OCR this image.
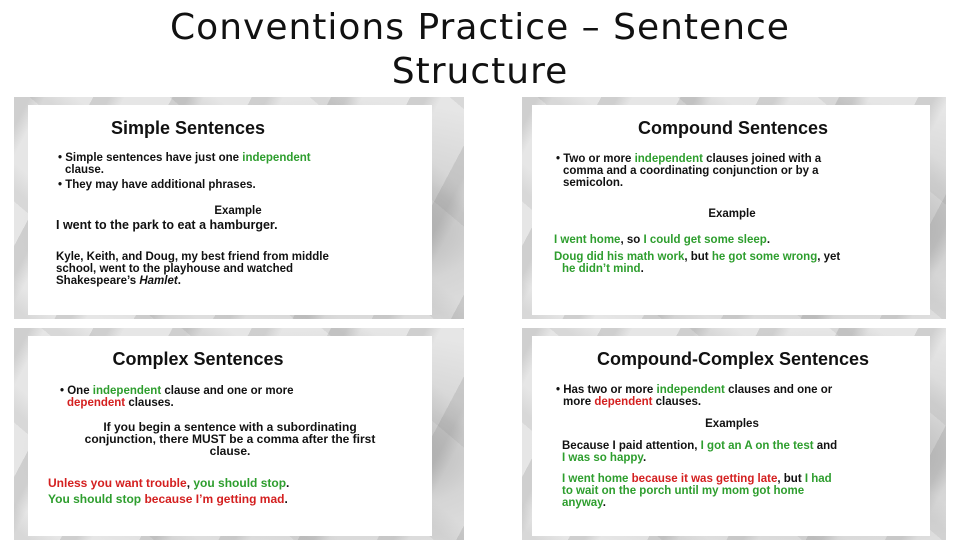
Conventions Practice – Sentence
Structure
Simple Sentences

• Simple sentences have just one independent
clause.

• They may have additional phrases.

Example

I went to the park to eat a hamburger.

Kyle, Keith, and Doug, my best friend from middle
school, went to the playhouse and watched
Shakespeare’s Hamlet.

Compound Sentences

• Two or more independent clauses joined with a
comma and a coordinating conjunction or by a
semicolon.

Example

I went home, so I could get some sleep.

Doug did his math work, but he got some wrong, yet
he didn’t mind.

Complex Sentences

• One independent clause and one or more
dependent clauses.

If you begin a sentence with a subordinating
conjunction, there MUST be a comma after the first
clause.

Unless you want trouble, you should stop.

You should stop because I’m getting mad.

Compound-Complex Sentences

• Has two or more independent clauses and one or
more dependent clauses.

Examples

Because I paid attention, I got an A on the test and
I was so happy.

I went home because it was getting late, but I had
to wait on the porch until my mom got home
anyway.
